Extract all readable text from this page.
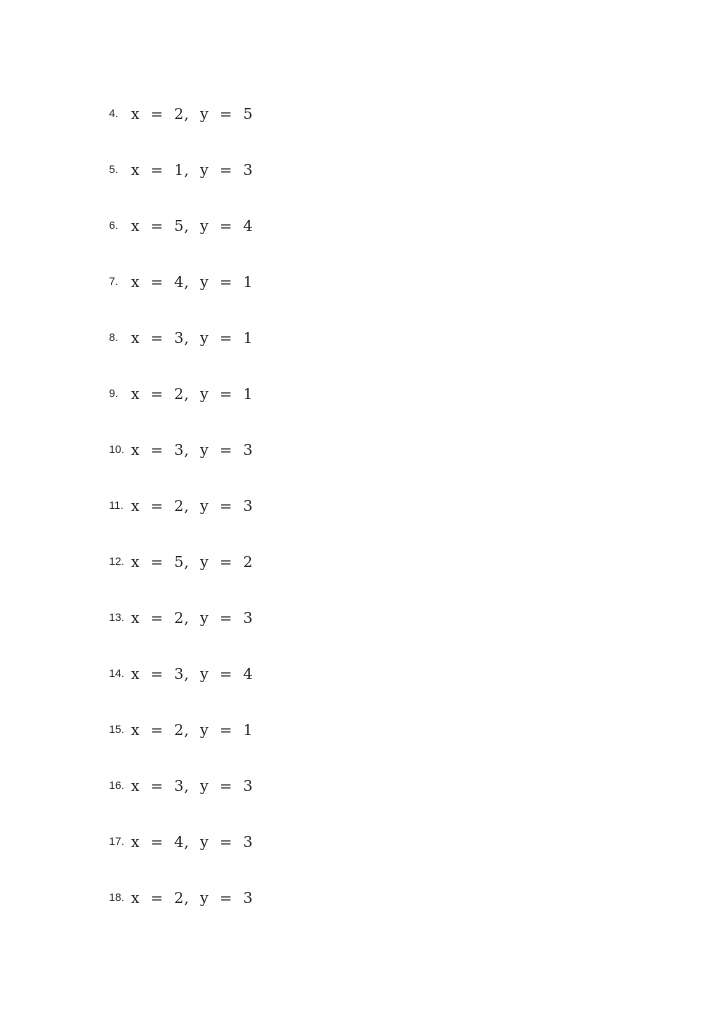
4. x  =  2,  y  =  5
5. x  =  1,  y  =  3
6. x  =  5,  y  =  4
7. x  =  4,  y  =  1
8. x  =  3,  y  =  1
9. x  =  2,  y  =  1
10. x  =  3,  y  =  3
11. x  =  2,  y  =  3
12. x  =  5,  y  =  2
13. x  =  2,  y  =  3
14. x  =  3,  y  =  4
15. x  =  2,  y  =  1
16. x  =  3,  y  =  3
17. x  =  4,  y  =  3
18. x  =  2,  y  =  3
